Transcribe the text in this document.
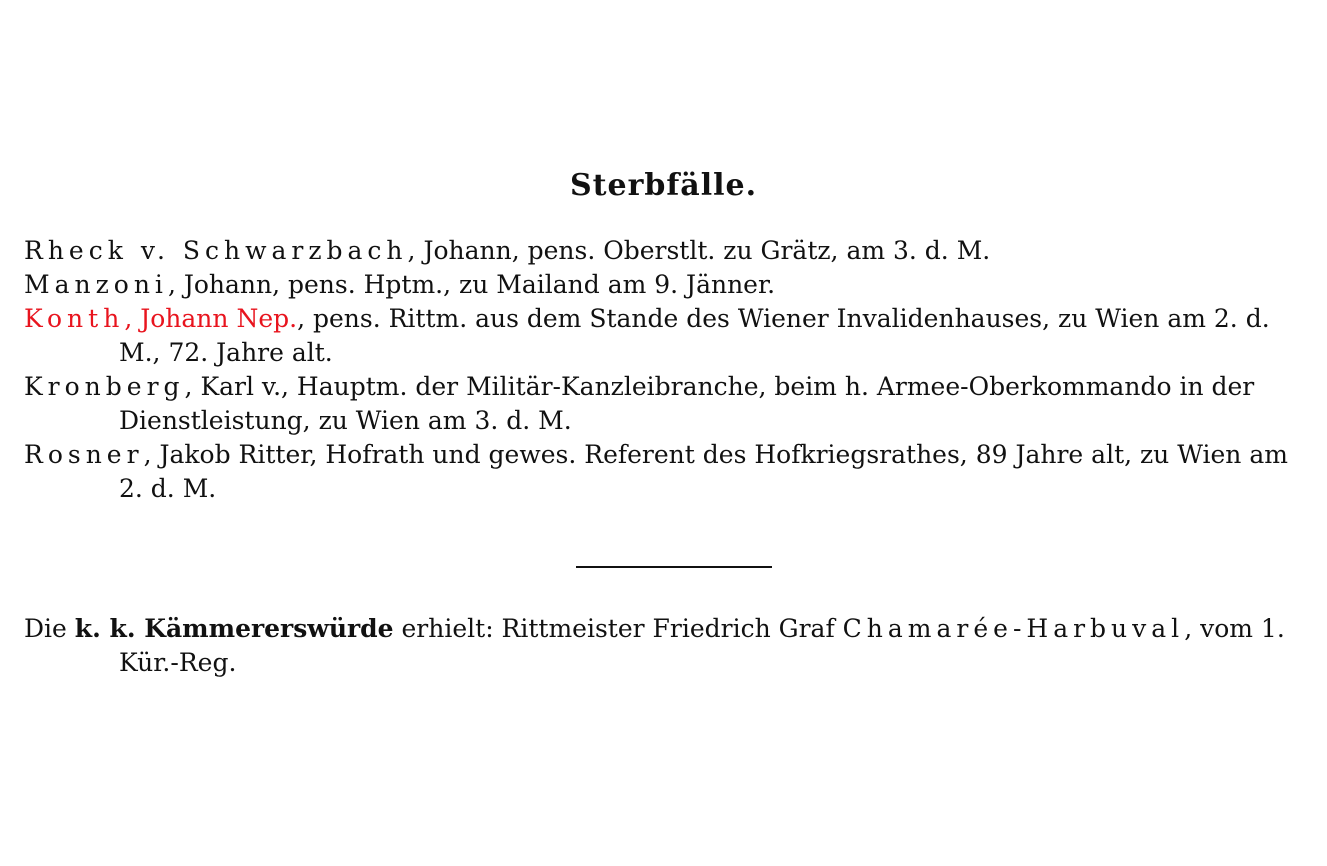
Sterbfälle.

Rheck v. Schwarzbach, Johann, pens. Oberstlt. zu Grätz, am 3. d. M.

Manzoni, Johann, pens. Hptm., zu Mailand am 9. Jänner.

Konth, Johann Nep., pens. Rittm. aus dem Stande des Wiener Invalidenhauses, zu Wien am 2. d. M., 72. Jahre alt.

Kronberg, Karl v., Hauptm. der Militär-Kanzleibranche, beim h. Armee-Oberkommando in der Dienstleistung, zu Wien am 3. d. M.

Rosner, Jakob Ritter, Hofrath und gewes. Referent des Hofkriegsrathes, 89 Jahre alt, zu Wien am 2. d. M.

Die k. k. Kämmererswürde erhielt: Rittmeister Friedrich Graf Chamarée-Harbuval, vom 1. Kür.-Reg.
